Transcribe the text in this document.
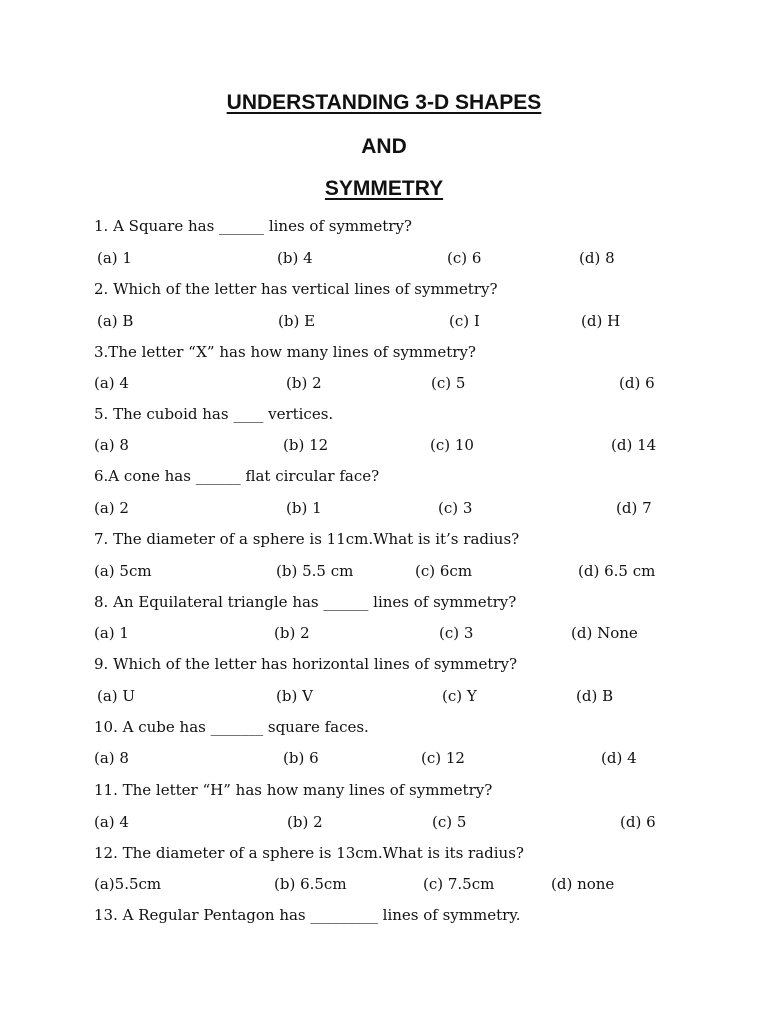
UNDERSTANDING 3-D SHAPES
AND
SYMMETRY

1. A Square has ______ lines of symmetry?

(a) 1	(b) 4	(c) 6	(d) 8

2. Which of the letter has vertical lines of symmetry?

(a) B	(b) E	(c) I	(d) H

3.The letter “X” has how many lines of symmetry?

(a) 4	(b) 2	(c) 5	(d) 6

5. The cuboid has ____ vertices.

(a) 8	(b) 12	(c) 10	(d) 14

6.A cone has ______ flat circular face?

(a) 2	(b) 1	(c) 3	(d) 7

7. The diameter of a sphere is 11cm.What is it’s radius?

(a) 5cm	(b) 5.5 cm	(c) 6cm	(d) 6.5 cm

8. An Equilateral triangle has ______ lines of symmetry?

(a) 1	(b) 2	(c) 3	(d) None

9. Which of the letter has horizontal lines of symmetry?

(a) U	(b) V	(c) Y	(d) B

10. A cube has _______ square faces.

(a) 8	(b) 6	(c) 12	(d) 4

11. The letter “H” has how many lines of symmetry?

(a) 4	(b) 2	(c) 5	(d) 6

12. The diameter of a sphere is 13cm.What is its radius?

(a)5.5cm	(b) 6.5cm	(c) 7.5cm	(d) none

13. A Regular Pentagon has _________ lines of symmetry.
